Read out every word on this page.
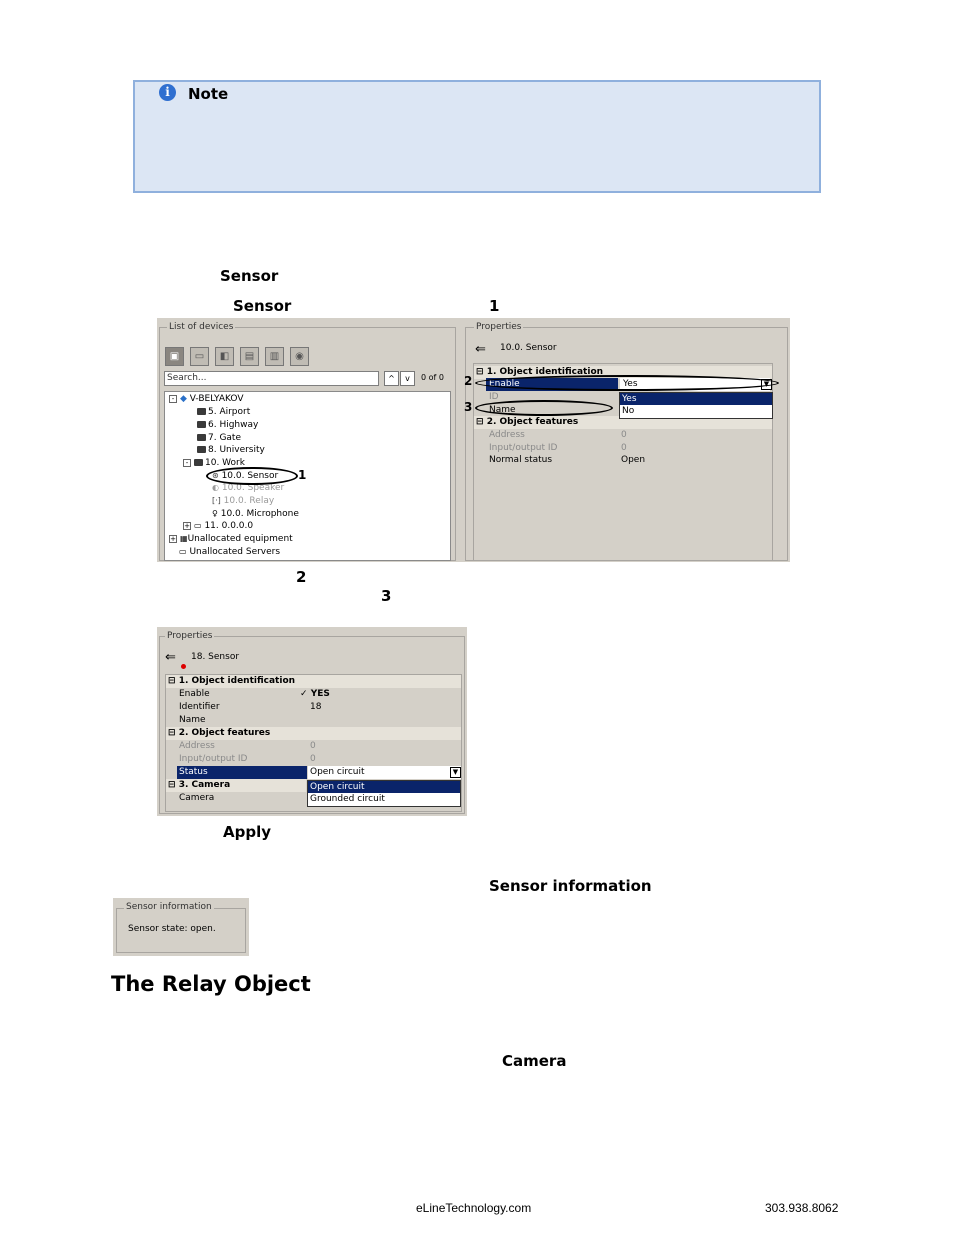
i	Note
Sensor
Sensor	1
List of devices
▣	▭	◧	▤	▥	◉
Search...	^	v	0 of 0
- ◆ V-BELYAKOV
5. Airport
6. Highway
7. Gate
8. University
- 10. Work
⊛ 10.0. Sensor
◐ 10.0. Speaker
[·] 10.0. Relay
♀ 10.0. Microphone
+ ▭ 11. 0.0.0.0
+ ▦Unallocated equipment
▭ Unallocated Servers
1
Properties
⇐ 10.0. Sensor
⊟ 1. Object identification
Enable	Yes	▼
ID
Name
⊟ 2. Object features
Address	0
Input/output ID	0
Normal status	Open
Yes
No
2
3
2
3
Properties
⇐ 18. Sensor
⊟ 1. Object identification
Enable	✓ YES
Identifier	18
Name
⊟ 2. Object features
Address	0
Input/output ID	0
Status	Open circuit	▼
⊟ 3. Camera
Camera
Open circuit
Grounded circuit
Apply
Sensor information
Sensor information
Sensor state: open.
The Relay Object
Camera
eLineTechnology.com	303.938.8062
